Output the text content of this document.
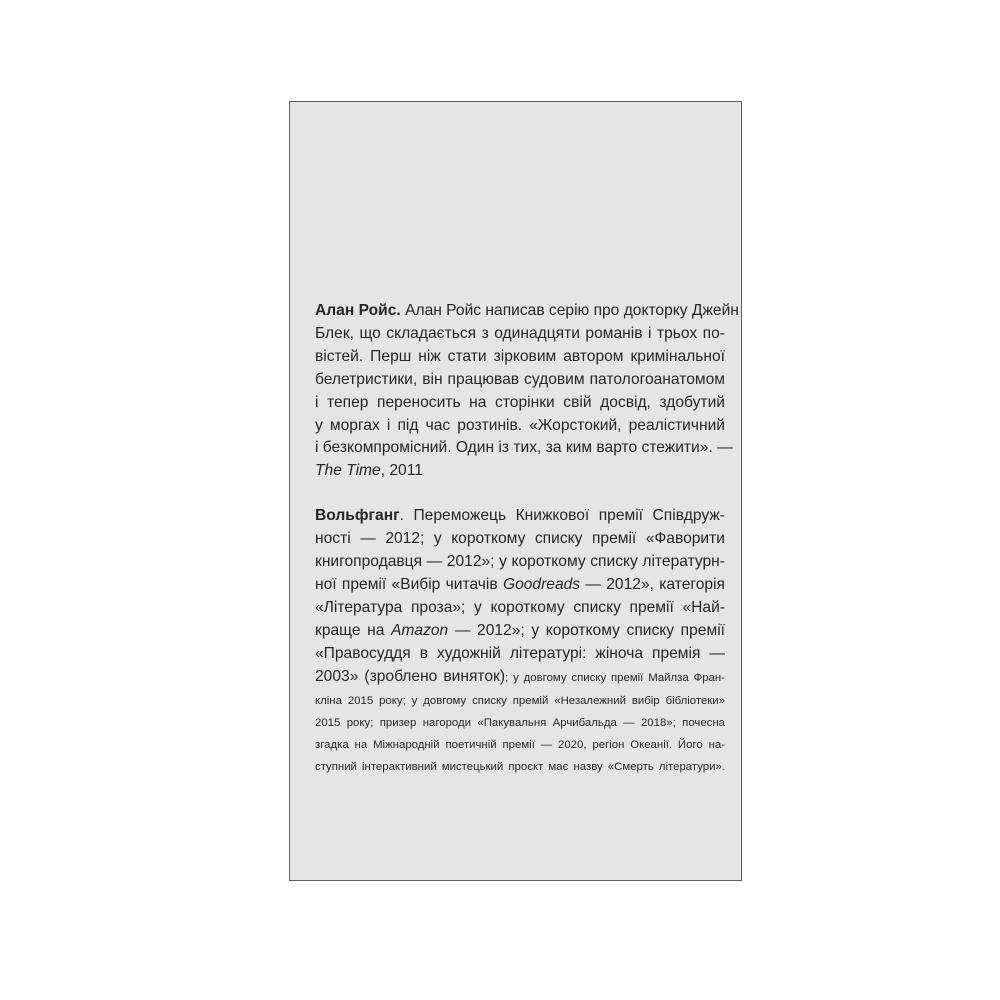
Алан Ройс. Алан Ройс написав серію про докторку Джейн
Блек, що складається з одинадцяти романів і трьох по-
вістей. Перш ніж стати зірковим автором кримінальної
белетристики, він працював судовим патологоанатомом
і тепер переносить на сторінки свій досвід, здобутий
у моргах і під час розтинів. «Жорстокий, реалістичний
і безкомпромісний. Один із тих, за ким варто стежити». —
The Time, 2011
Вольфганг. Переможець Книжкової премії Співдруж-
ності — 2012; у короткому списку премії «Фаворити
книгопродавця — 2012»; у короткому списку літературн-
ної премії «Вибір читачів Goodreads — 2012», категорія
«Література проза»; у короткому списку премії «Най-
краще на Amazon — 2012»; у короткому списку премії
«Правосуддя в художній літературі: жіноча премія —
2003» (зроблено виняток); у довгому списку премії Майлза Фран-
кліна 2015 року; у довгому списку премій «Незалежний вибір бібліотеки»
2015 року; призер нагороди «Пакувальня Арчибальда — 2018»; почесна
згадка на Міжнародній поетичній премії — 2020, регіон Океанії. Його на-
ступний інтерактивний мистецький проєкт має назву «Смерть літератури».
